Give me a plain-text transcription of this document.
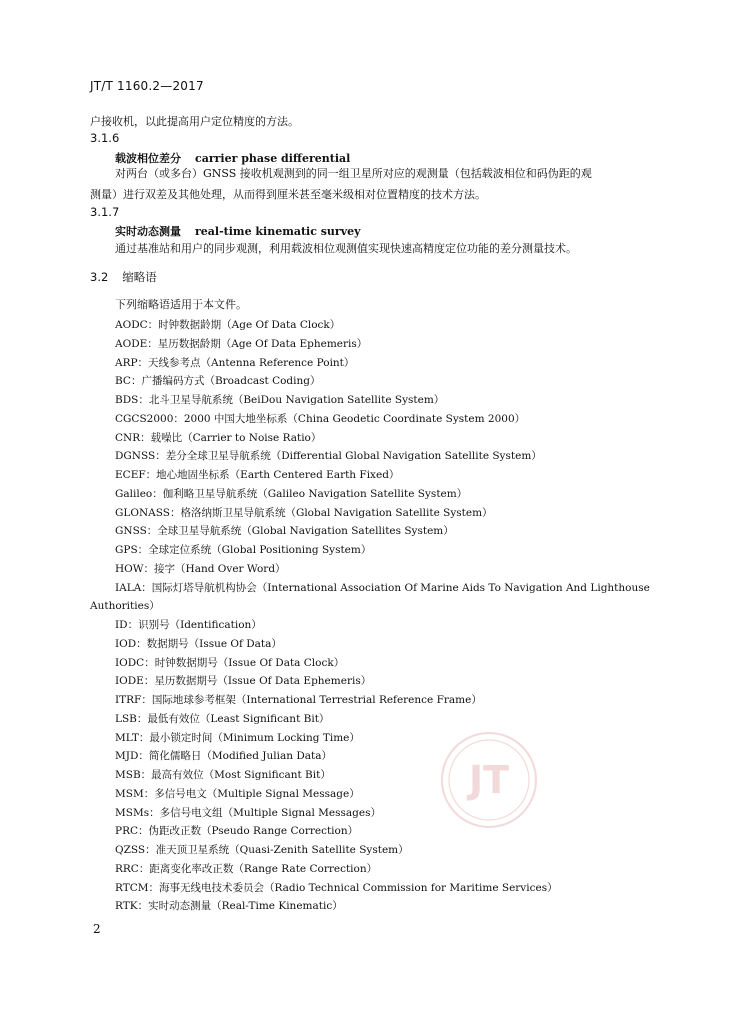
JT/T 1160.2—2017
户接收机，以此提高用户定位精度的方法。
3.1.6
载波相位差分 carrier phase differential
对两台（或多台）GNSS 接收机观测到的同一组卫星所对应的观测量（包括载波相位和码伪距的观
测量）进行双差及其他处理，从而得到厘米甚至毫米级相对位置精度的技术方法。
3.1.7
实时动态测量 real-time kinematic survey
通过基准站和用户的同步观测，利用载波相位观测值实现快速高精度定位功能的差分测量技术。
3.2 缩略语
下列缩略语适用于本文件。
AODC：时钟数据龄期（Age Of Data Clock）
AODE：星历数据龄期（Age Of Data Ephemeris）
ARP：天线参考点（Antenna Reference Point）
BC：广播编码方式（Broadcast Coding）
BDS：北斗卫星导航系统（BeiDou Navigation Satellite System）
CGCS2000：2000 中国大地坐标系（China Geodetic Coordinate System 2000）
CNR：载噪比（Carrier to Noise Ratio）
DGNSS：差分全球卫星导航系统（Differential Global Navigation Satellite System）
ECEF：地心地固坐标系（Earth Centered Earth Fixed）
Galileo：伽利略卫星导航系统（Galileo Navigation Satellite System）
GLONASS：格洛纳斯卫星导航系统（Global Navigation Satellite System）
GNSS：全球卫星导航系统（Global Navigation Satellites System）
GPS：全球定位系统（Global Positioning System）
HOW：接字（Hand Over Word）
IALA：国际灯塔导航机构协会（International Association Of Marine Aids To Navigation And Lighthouse
Authorities）
ID：识别号（Identification）
IOD：数据期号（Issue Of Data）
IODC：时钟数据期号（Issue Of Data Clock）
IODE：星历数据期号（Issue Of Data Ephemeris）
ITRF：国际地球参考框架（International Terrestrial Reference Frame）
LSB：最低有效位（Least Significant Bit）
MLT：最小锁定时间（Minimum Locking Time）
MJD：简化儒略日（Modified Julian Data）
MSB：最高有效位（Most Significant Bit）
MSM：多信号电文（Multiple Signal Message）
MSMs：多信号电文组（Multiple Signal Messages）
PRC：伪距改正数（Pseudo Range Correction）
QZSS：准天顶卫星系统（Quasi-Zenith Satellite System）
RRC：距离变化率改正数（Range Rate Correction）
RTCM：海事无线电技术委员会（Radio Technical Commission for Maritime Services）
RTK：实时动态测量（Real-Time Kinematic）
2
JT
